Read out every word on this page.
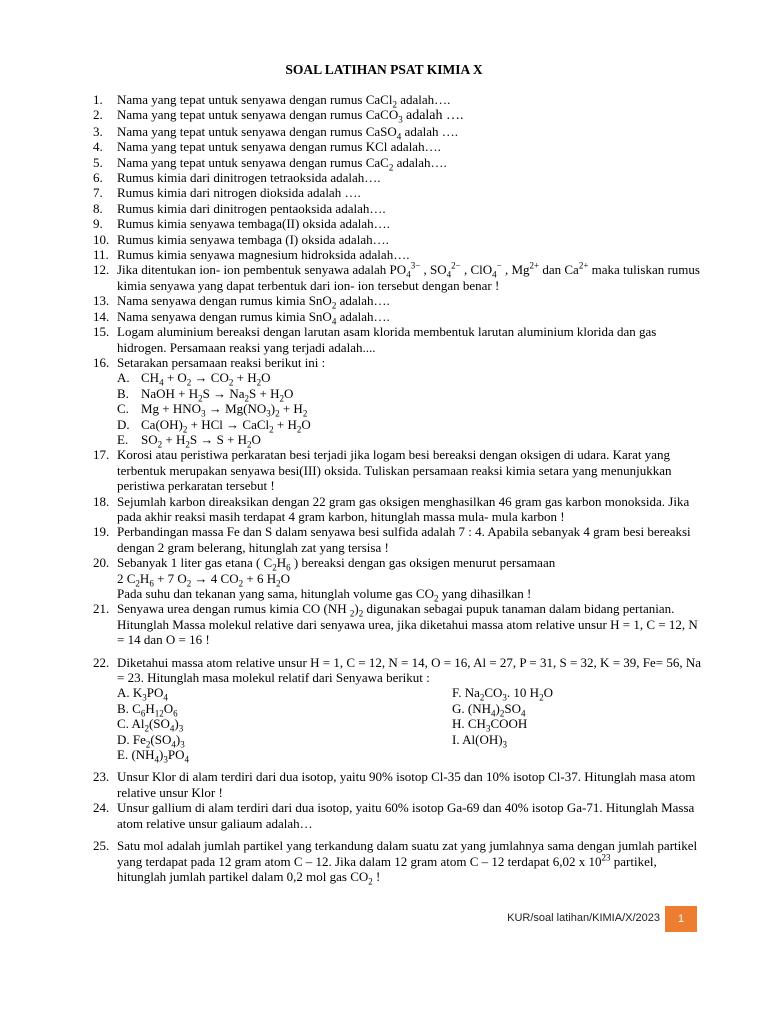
SOAL LATIHAN PSAT KIMIA X
1.	Nama yang tepat untuk senyawa dengan rumus CaCl$_2$ adalah….
2.	Nama yang tepat untuk senyawa dengan rumus CaCO$_3$ adalah ….
3.	Nama yang tepat untuk senyawa dengan rumus CaSO$_4$ adalah ….
4.	Nama yang tepat untuk senyawa dengan rumus KCl adalah….
5.	Nama yang tepat untuk senyawa dengan rumus CaC$_2$ adalah….
6.	Rumus kimia dari dinitrogen tetraoksida adalah….
7.	Rumus kimia dari nitrogen dioksida adalah ….
8.	Rumus kimia dari dinitrogen pentaoksida adalah….
9.	Rumus kimia senyawa tembaga(II) oksida adalah….
10. Rumus kimia senyawa tembaga (I) oksida adalah….
11. Rumus kimia senyawa magnesium hidroksida adalah….
12. Jika ditentukan ion- ion pembentuk senyawa adalah $PO_4^{3-}$ , $SO_4^{2-}$ , ClO$_4$− , $Mg^{2+}$ dan $Ca^{2+}$ maka tuliskan rumus kimia senyawa yang dapat terbentuk dari ion- ion tersebut dengan benar !
13. Nama senyawa dengan rumus kimia SnO$_2$ adalah….
14. Nama senyawa dengan rumus kimia SnO$_4$ adalah….
15. Logam aluminium bereaksi dengan larutan asam klorida membentuk larutan aluminium klorida dan gas hidrogen. Persamaan reaksi yang terjadi adalah....
16. Setarakan persamaan reaksi berikut ini :
A. $CH_4 + O_2 \to CO_2 + H_2O$
B. NaOH + $H_2S \to Na_2S + H_2O$
C. $Mg + HNO_3 \to Mg(NO_3)_2 + H_2$
D. $Ca(OH)_2$ + HCl → CaCl$_2$ + $H_2O$
E. $SO_2 + H_2S \to S + H_2O$
17. Korosi atau peristiwa perkaratan besi terjadi jika logam besi bereaksi dengan oksigen di udara. Karat yang terbentuk merupakan senyawa besi(III) oksida. Tuliskan persamaan reaksi kimia setara yang menunjukkan peristiwa perkaratan tersebut !
18. Sejumlah karbon direaksikan dengan 22 gram gas oksigen menghasilkan 46 gram gas karbon monoksida. Jika pada akhir reaksi masih terdapat 4 gram karbon, hitunglah massa mula- mula karbon !
19. Perbandingan massa Fe dan S dalam senyawa besi sulfida adalah 7 : 4. Apabila sebanyak 4 gram besi bereaksi dengan 2 gram belerang, hitunglah zat yang tersisa !
20. Sebanyak 1 liter gas etana ( $C_2H_6$ ) bereaksi dengan gas oksigen menurut persamaan
2 $C_2H_6 + 7$ $O_2 \to 4$ $CO_2 + 6$ $H_2O$
Pada suhu dan tekanan yang sama, hitunglah volume gas $CO_2$ yang dihasilkan !
21. Senyawa urea dengan rumus kimia CO (NH $_2)_2$ digunakan sebagai pupuk tanaman dalam bidang pertanian. Hitunglah Massa molekul relative dari senyawa urea, jika diketahui massa atom relative unsur H = 1, C = 12, N = 14 dan O = 16 !
22. Diketahui massa atom relative unsur H = 1, C = 12, N = 14, O = 16, Al = 27, P = 31, S = 32, K = 39, Fe= 56, Na = 23. Hitunglah masa molekul relatif dari Senyawa berikut :
A. $K_3PO_4$
B. $C_6H_{12}O_6$
C. $Al_2(SO_4)_3$
D. $Fe_2(SO_4)_3$
E. $(NH_4)_3PO_4$
F. $Na_2CO_3$. 10 $H_2O$
G. $(NH_4)_2SO_4$
H. $CH_3COOH$
I. $Al(OH)_3$
23. Unsur Klor di alam terdiri dari dua isotop, yaitu 90% isotop Cl-35 dan 10% isotop Cl-37. Hitunglah masa atom relative unsur Klor !
24. Unsur gallium di alam terdiri dari dua isotop, yaitu 60% isotop Ga-69 dan 40% isotop Ga-71. Hitunglah Massa atom relative unsur galiaum adalah…
25. Satu mol adalah jumlah partikel yang terkandung dalam suatu zat yang jumlahnya sama dengan jumlah partikel yang terdapat pada 12 gram atom C – 12. Jika dalam 12 gram atom C – 12 terdapat 6,02 x $10^{23}$ partikel, hitunglah jumlah partikel dalam 0,2 mol gas $CO_2$ !
KUR/soal latihan/KIMIA/X/2023 1
